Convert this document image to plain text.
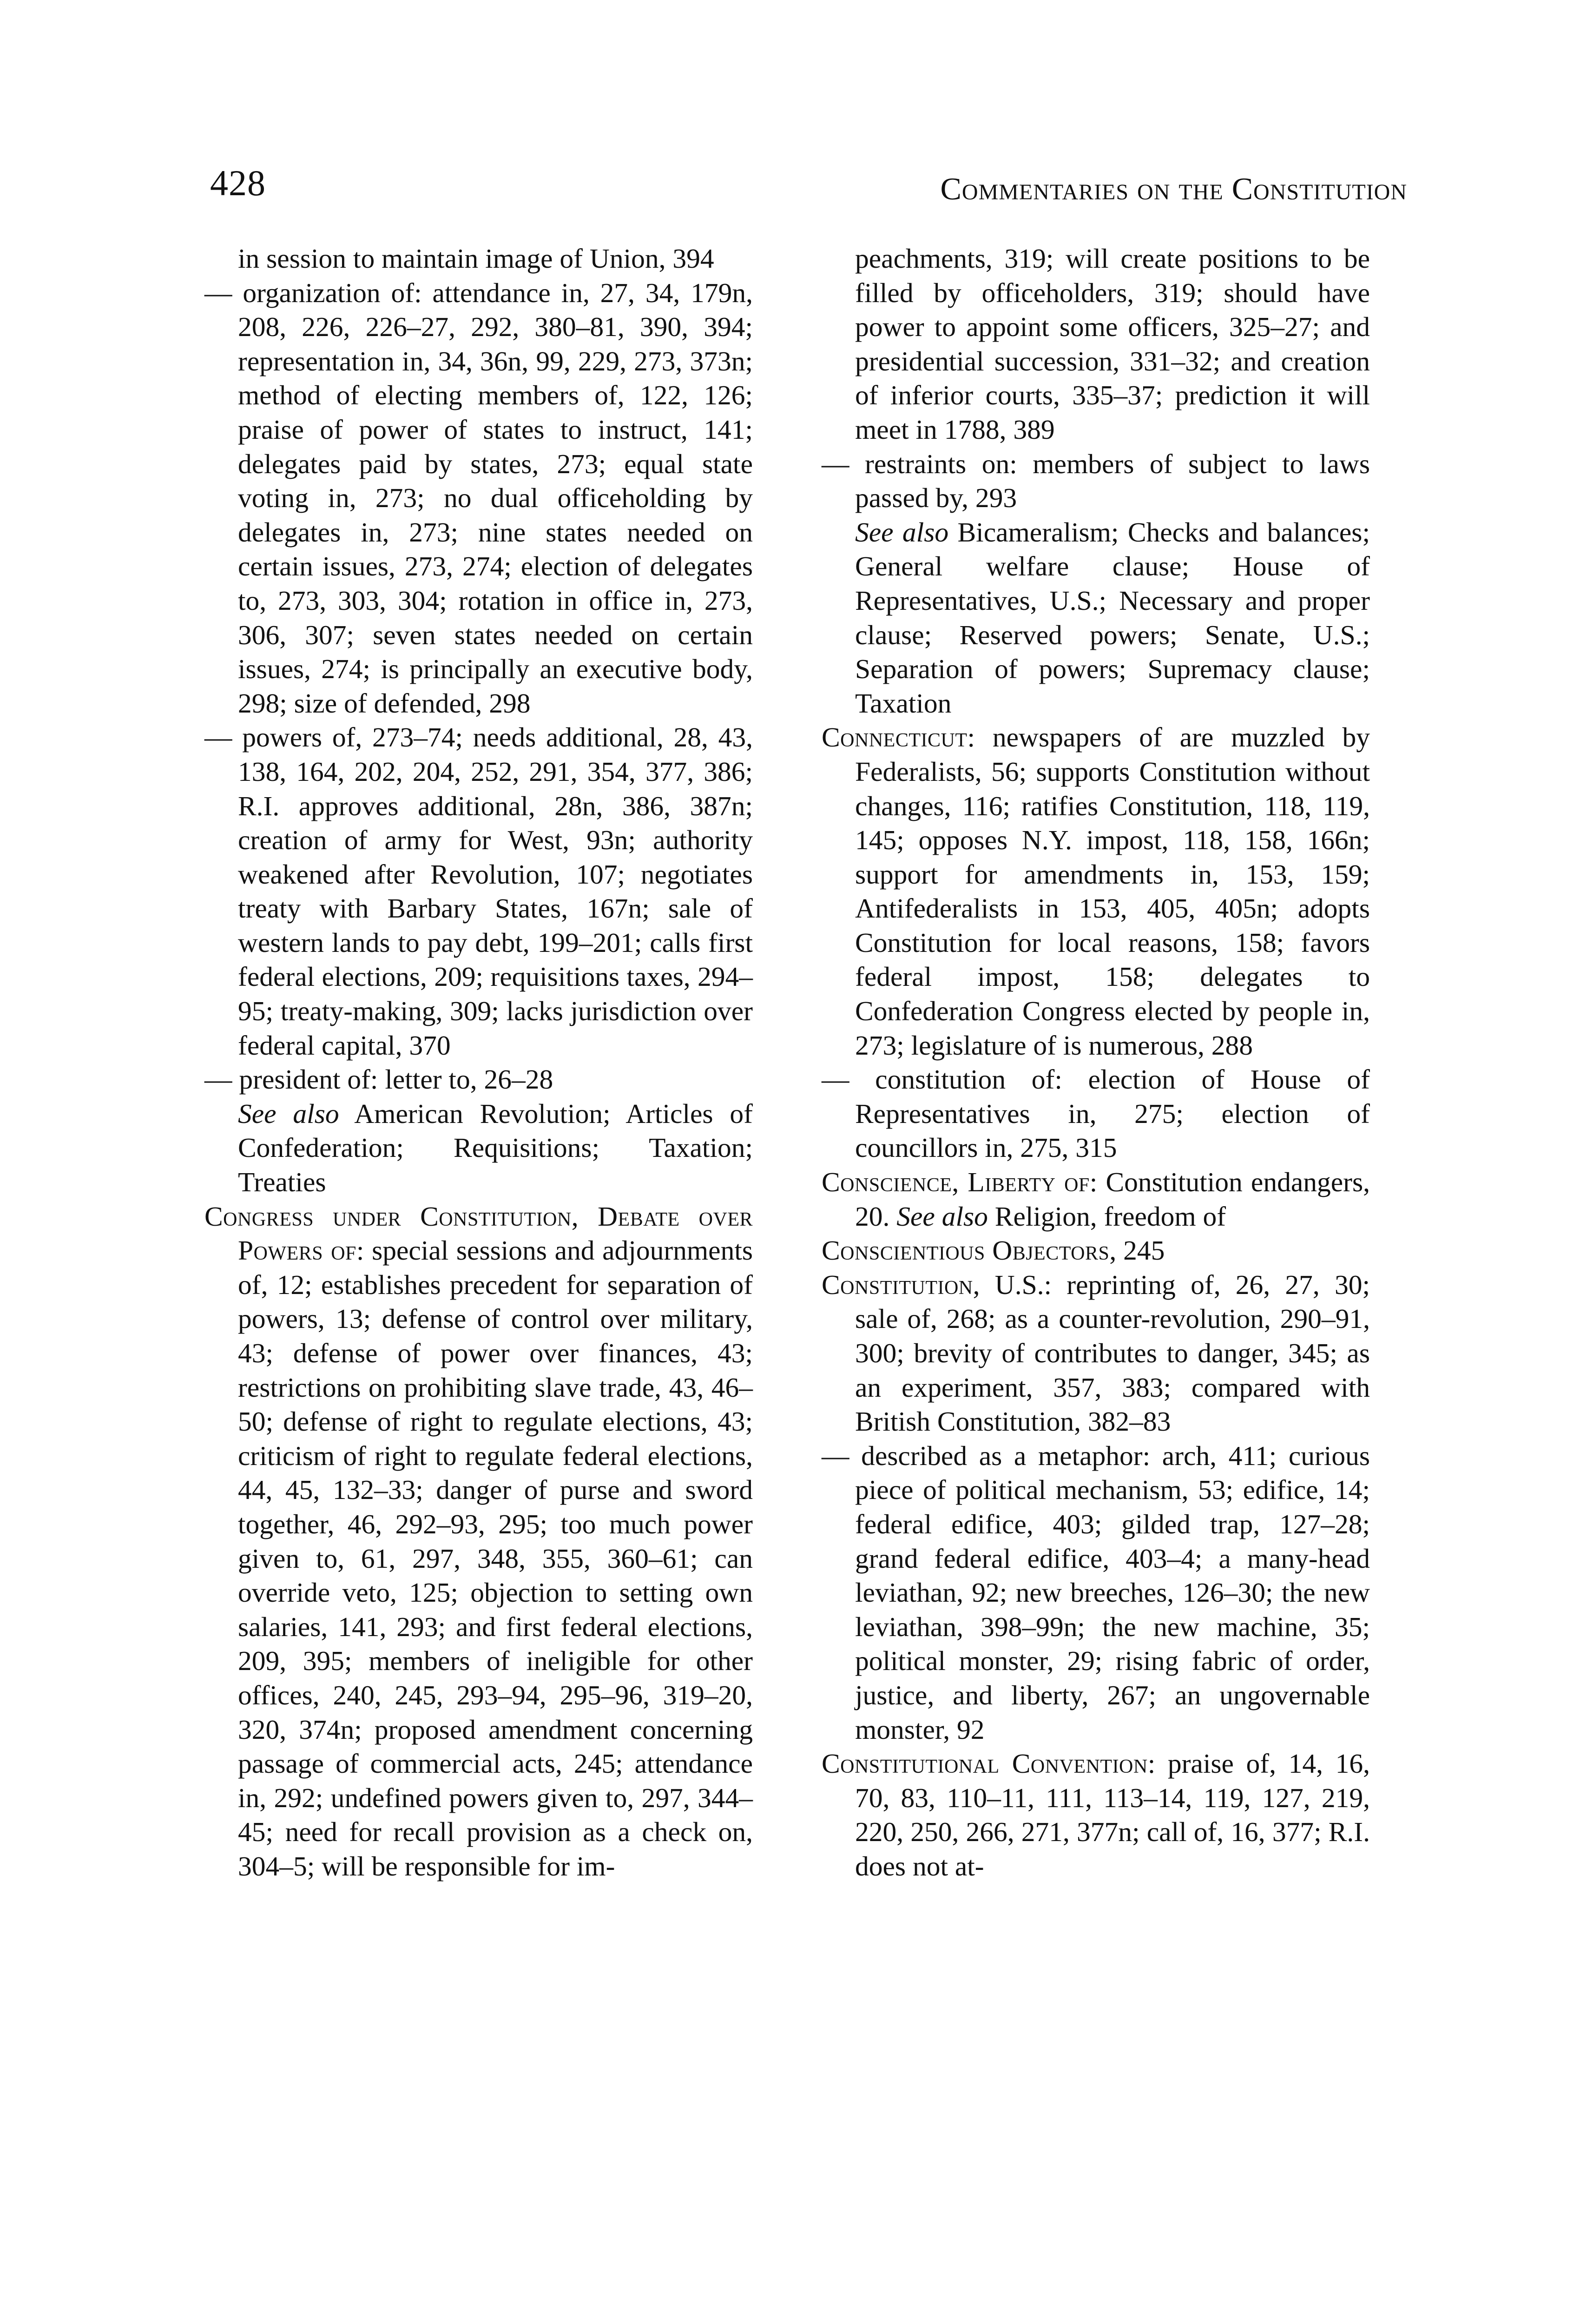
428	Commentaries on the Constitution

in session to maintain image of Union, 394

— organization of: attendance in, 27, 34, 179n, 208, 226, 226–27, 292, 380–81, 390, 394; representation in, 34, 36n, 99, 229, 273, 373n; method of electing members of, 122, 126; praise of power of states to instruct, 141; delegates paid by states, 273; equal state voting in, 273; no dual officeholding by delegates in, 273; nine states needed on certain issues, 273, 274; election of delegates to, 273, 303, 304; rotation in office in, 273, 306, 307; seven states needed on certain issues, 274; is principally an executive body, 298; size of defended, 298

— powers of, 273–74; needs additional, 28, 43, 138, 164, 202, 204, 252, 291, 354, 377, 386; R.I. approves additional, 28n, 386, 387n; creation of army for West, 93n; authority weakened after Revolution, 107; negotiates treaty with Barbary States, 167n; sale of western lands to pay debt, 199–201; calls first federal elections, 209; requisitions taxes, 294–95; treaty-making, 309; lacks jurisdiction over federal capital, 370

— president of: letter to, 26–28

See also American Revolution; Articles of Confederation; Requisitions; Taxation; Treaties

Congress under Constitution, Debate over Powers of: special sessions and adjournments of, 12; establishes precedent for separation of powers, 13; defense of control over military, 43; defense of power over finances, 43; restrictions on prohibiting slave trade, 43, 46–50; defense of right to regulate elections, 43; criticism of right to regulate federal elections, 44, 45, 132–33; danger of purse and sword together, 46, 292–93, 295; too much power given to, 61, 297, 348, 355, 360–61; can override veto, 125; objection to setting own salaries, 141, 293; and first federal elections, 209, 395; members of ineligible for other offices, 240, 245, 293–94, 295–96, 319–20, 320, 374n; proposed amendment concerning passage of commercial acts, 245; attendance in, 292; undefined powers given to, 297, 344–45; need for recall provision as a check on, 304–5; will be responsible for im-

peachments, 319; will create positions to be filled by officeholders, 319; should have power to appoint some officers, 325–27; and presidential succession, 331–32; and creation of inferior courts, 335–37; prediction it will meet in 1788, 389

— restraints on: members of subject to laws passed by, 293

See also Bicameralism; Checks and balances; General welfare clause; House of Representatives, U.S.; Necessary and proper clause; Reserved powers; Senate, U.S.; Separation of powers; Supremacy clause; Taxation

Connecticut: newspapers of are muzzled by Federalists, 56; supports Constitution without changes, 116; ratifies Constitution, 118, 119, 145; opposes N.Y. impost, 118, 158, 166n; support for amendments in, 153, 159; Antifederalists in 153, 405, 405n; adopts Constitution for local reasons, 158; favors federal impost, 158; delegates to Confederation Congress elected by people in, 273; legislature of is numerous, 288

— constitution of: election of House of Representatives in, 275; election of councillors in, 275, 315

Conscience, Liberty of: Constitution endangers, 20. See also Religion, freedom of

Conscientious Objectors, 245

Constitution, U.S.: reprinting of, 26, 27, 30; sale of, 268; as a counter-revolution, 290–91, 300; brevity of contributes to danger, 345; as an experiment, 357, 383; compared with British Constitution, 382–83

— described as a metaphor: arch, 411; curious piece of political mechanism, 53; edifice, 14; federal edifice, 403; gilded trap, 127–28; grand federal edifice, 403–4; a many-head leviathan, 92; new breeches, 126–30; the new leviathan, 398–99n; the new machine, 35; political monster, 29; rising fabric of order, justice, and liberty, 267; an ungovernable monster, 92

Constitutional Convention: praise of, 14, 16, 70, 83, 110–11, 111, 113–14, 119, 127, 219, 220, 250, 266, 271, 377n; call of, 16, 377; R.I. does not at-
